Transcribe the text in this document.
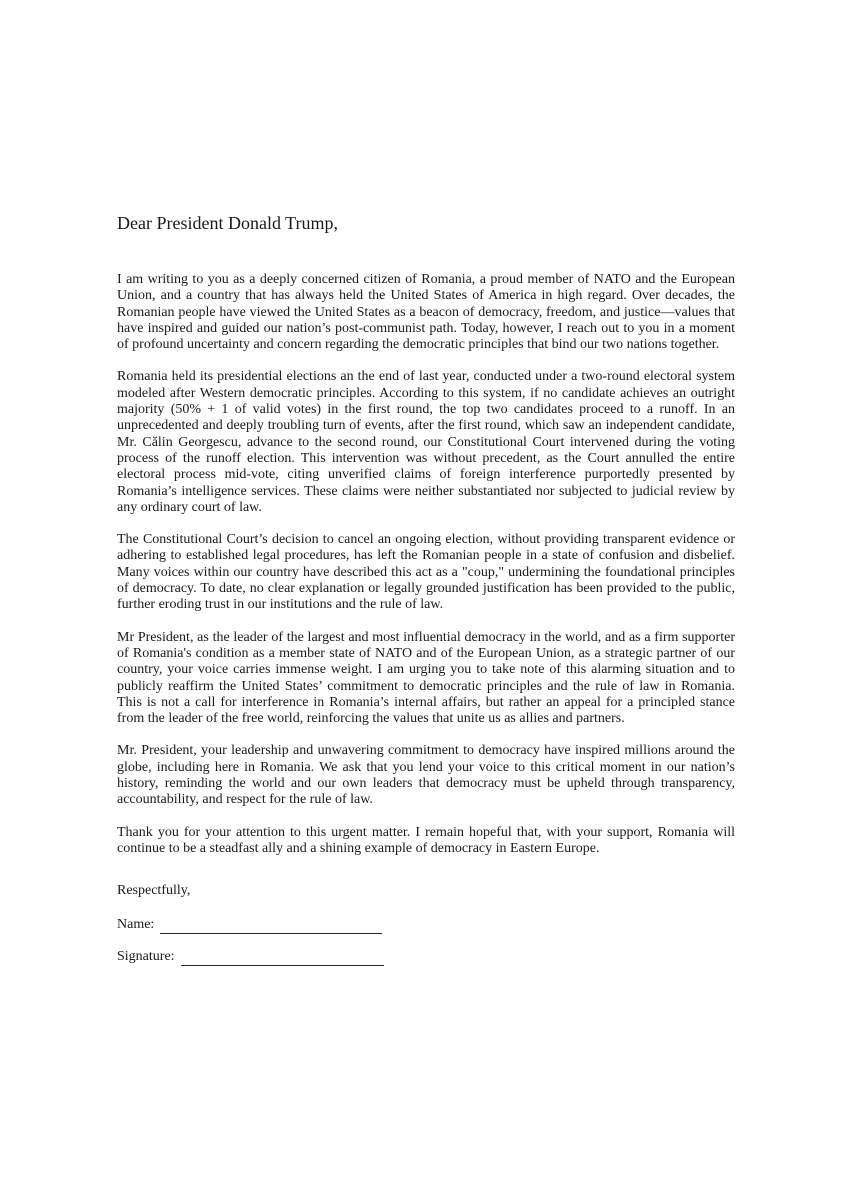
Dear President Donald Trump,

I am writing to you as a deeply concerned citizen of Romania, a proud member of NATO and the European Union, and a country that has always held the United States of America in high regard. Over decades, the Romanian people have viewed the United States as a beacon of democracy, freedom, and justice—values that have inspired and guided our nation’s post-communist path. Today, however, I reach out to you in a moment of profound uncertainty and concern regarding the democratic principles that bind our two nations together.

Romania held its presidential elections an the end of last year, conducted under a two-round electoral system modeled after Western democratic principles. According to this system, if no candidate achieves an outright majority (50% + 1 of valid votes) in the first round, the top two candidates proceed to a runoff. In an unprecedented and deeply troubling turn of events, after the first round, which saw an independent candidate, Mr. Călin Georgescu, advance to the second round, our Constitutional Court intervened during the voting process of the runoff election. This intervention was without precedent, as the Court annulled the entire electoral process mid-vote, citing unverified claims of foreign interference purportedly presented by Romania’s intelligence services. These claims were neither substantiated nor subjected to judicial review by any ordinary court of law.

The Constitutional Court’s decision to cancel an ongoing election, without providing transparent evidence or adhering to established legal procedures, has left the Romanian people in a state of confusion and disbelief. Many voices within our country have described this act as a "coup," undermining the foundational principles of democracy. To date, no clear explanation or legally grounded justification has been provided to the public, further eroding trust in our institutions and the rule of law.

Mr President, as the leader of the largest and most influential democracy in the world, and as a firm supporter of Romania's condition as a member state of NATO and of the European Union, as a strategic partner of our country, your voice carries immense weight. I am urging you to take note of this alarming situation and to publicly reaffirm the United States’ commitment to democratic principles and the rule of law in Romania. This is not a call for interference in Romania’s internal affairs, but rather an appeal for a principled stance from the leader of the free world, reinforcing the values that unite us as allies and partners.

Mr. President, your leadership and unwavering commitment to democracy have inspired millions around the globe, including here in Romania. We ask that you lend your voice to this critical moment in our nation’s history, reminding the world and our own leaders that democracy must be upheld through transparency, accountability, and respect for the rule of law.

Thank you for your attention to this urgent matter. I remain hopeful that, with your support, Romania will continue to be a steadfast ally and a shining example of democracy in Eastern Europe.

Respectfully,
Name:
Signature:
